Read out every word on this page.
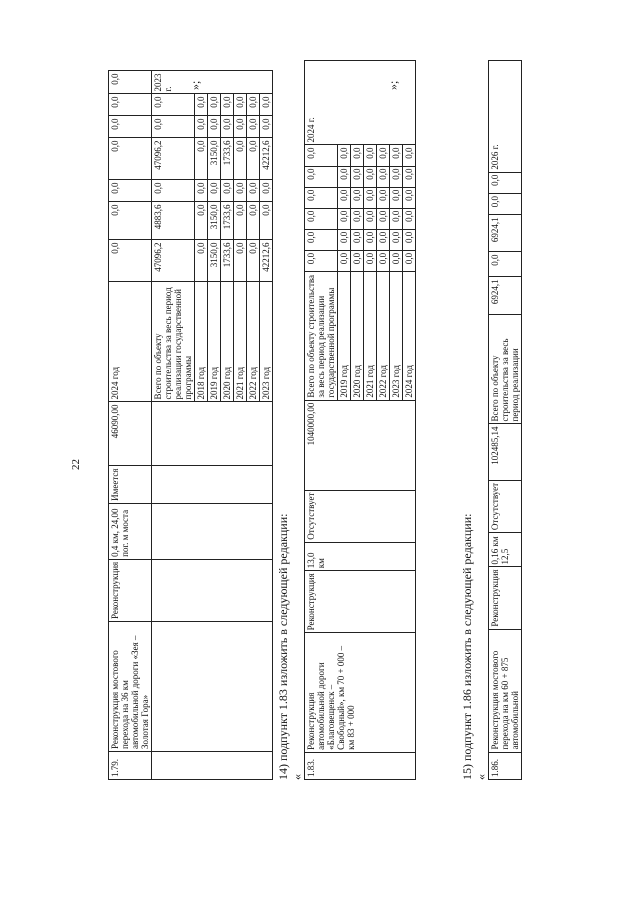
22
1.79.	Реконструкция мостового перехода на 36 км автомобильной дороги «Зея – Золотая Гора»	Реконструкция	0,4 км, 24,00 пог. м моста	Имеется	46090,00	2024 год	0,0	0,0	0,0	0,0	0,0	0,0	0,0
						Всего по объекту строительства за весь период реализации государственной программы	47096,2	4883,6	0,0	47096,2	0,0	0,0	2023 г.
						2018 год	0,0	0,0	0,0	0,0	0,0	0,0	
						2019 год	3150,0	3150,0	0,0	3150,0	0,0	0,0	
						2020 год	1733,6	1733,6	0,0	1733,6	0,0	0,0	
						2021 год	0,0	0,0	0,0	0,0	0,0	0,0	
						2022 год	0,0	0,0	0,0	0,0	0,0	0,0	
						2023 год	42212,6	0,0	0,0	42212,6	0,0	0,0	
»;
14) подпункт 1.83 изложить в следующей редакции: « 1.83.	Реконструкция автомобильной дороги «Благовещенск – Свободный», км 70 + 000 – км 83 + 000	Реконструкция	13,0 км	Отсутствует	1040000,00	Всего по объекту строительства за весь период реализации государственной программы	0,0	0,0	0,0	0,0	0,0	0,0	2024 г.
						2019 год	0,0	0,0	0,0	0,0	0,0	0,0	
						2020 год	0,0	0,0	0,0	0,0	0,0	0,0	
						2021 год	0,0	0,0	0,0	0,0	0,0	0,0	
						2022 год	0,0	0,0	0,0	0,0	0,0	0,0	
						2023 год	0,0	0,0	0,0	0,0	0,0	0,0	
						2024 год	0,0	0,0	0,0	0,0	0,0	0,0	
»;
15) подпункт 1.86 изложить в следующей редакции: « 1.86.	Реконструкция мостового перехода на км 60 + 875 автомобильной	Реконструкция	0,16 км 12,5	Отсутствует	102485,14	Всего по объекту строительства за весь период реализации	6924,1	0,0	6924,1	0,0	0,0	2026 г.
